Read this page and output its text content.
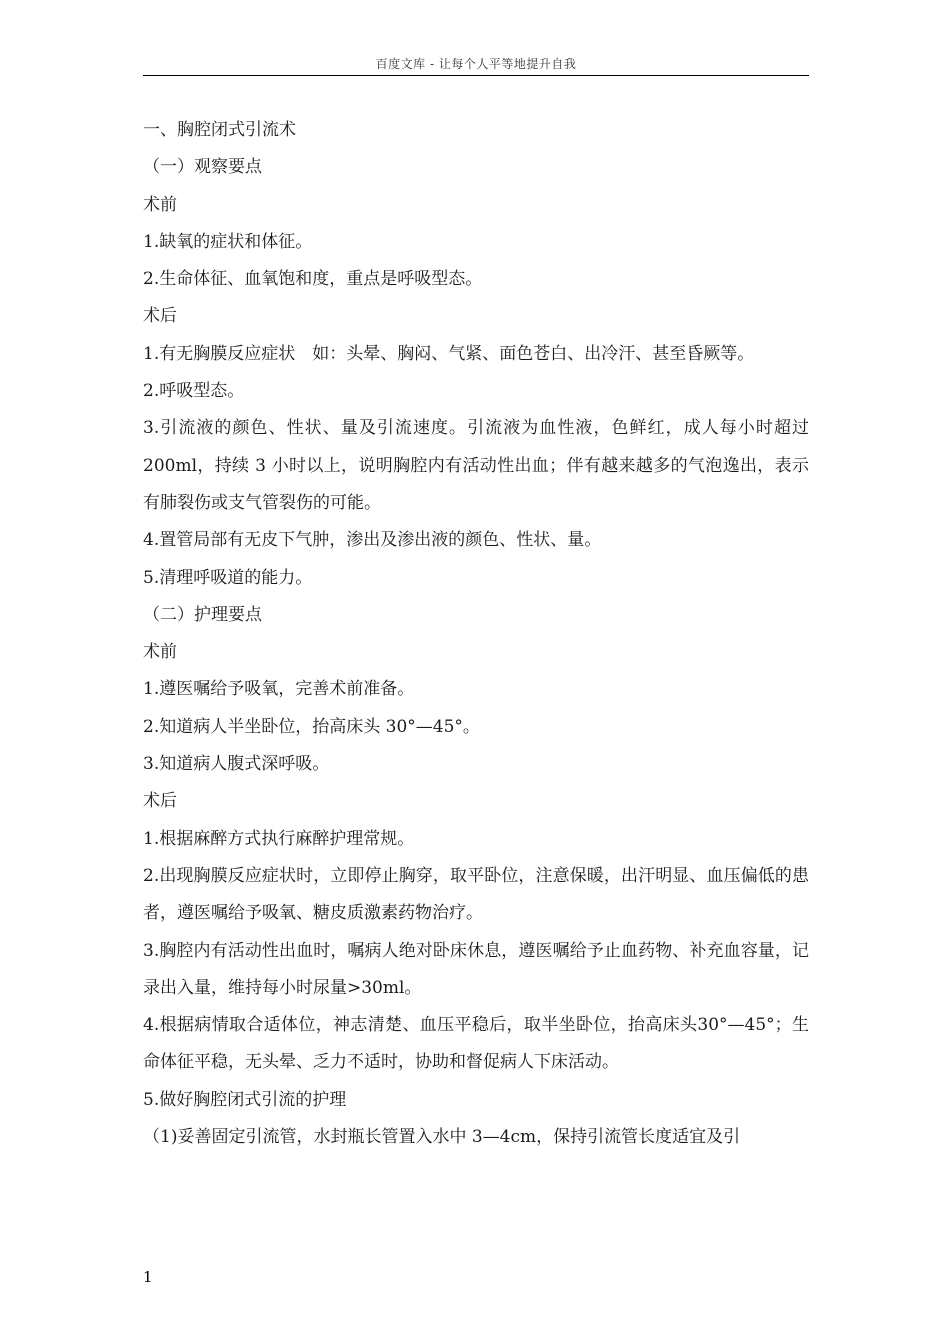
百度文库 - 让每个人平等地提升自我

一、胸腔闭式引流术

（一）观察要点

术前

1.缺氧的症状和体征。

2.生命体征、血氧饱和度，重点是呼吸型态。

术后

1.有无胸膜反应症状　如：头晕、胸闷、气紧、面色苍白、出冷汗、甚至昏厥等。

2.呼吸型态。

3.引流液的颜色、性状、量及引流速度。引流液为血性液，色鲜红，成人每小时超过 200ml，持续 3 小时以上，说明胸腔内有活动性出血；伴有越来越多的气泡逸出，表示有肺裂伤或支气管裂伤的可能。

4.置管局部有无皮下气肿，渗出及渗出液的颜色、性状、量。

5.清理呼吸道的能力。

（二）护理要点

术前

1.遵医嘱给予吸氧，完善术前准备。

2.知道病人半坐卧位，抬高床头 30°—45°。

3.知道病人腹式深呼吸。

术后

1.根据麻醉方式执行麻醉护理常规。

2.出现胸膜反应症状时，立即停止胸穿，取平卧位，注意保暖，出汗明显、血压偏低的患者，遵医嘱给予吸氧、糖皮质激素药物治疗。

3.胸腔内有活动性出血时，嘱病人绝对卧床休息，遵医嘱给予止血药物、补充血容量，记录出入量，维持每小时尿量>30ml。

4.根据病情取合适体位，神志清楚、血压平稳后，取半坐卧位，抬高床头30°—45°；生命体征平稳，无头晕、乏力不适时，协助和督促病人下床活动。

5.做好胸腔闭式引流的护理

（1)妥善固定引流管，水封瓶长管置入水中 3—4cm，保持引流管长度适宜及引

1
